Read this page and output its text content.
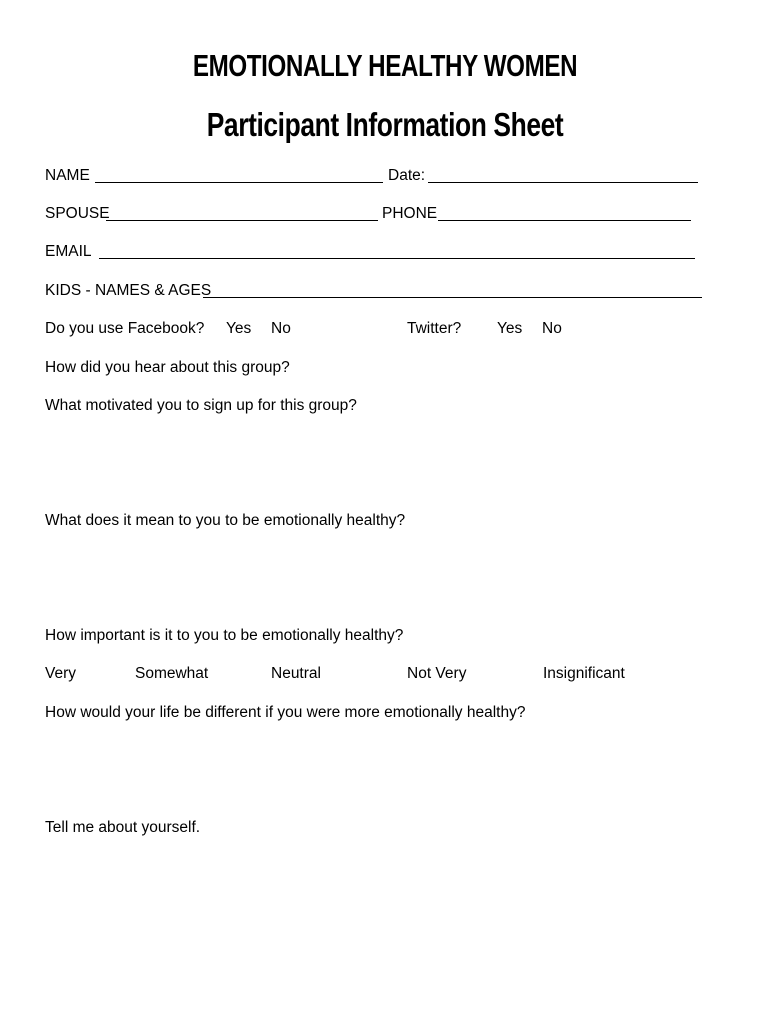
EMOTIONALLY HEALTHY WOMEN
Participant Information Sheet
NAME	Date:
SPOUSE	PHONE
EMAIL
KIDS - NAMES & AGES
Do you use Facebook? Yes No	Twitter? Yes No
How did you hear about this group?
What motivated you to sign up for this group?
What does it mean to you to be emotionally healthy?
How important is it to you to be emotionally healthy?
Very	Somewhat	Neutral	Not Very	Insignificant
How would your life be different if you were more emotionally healthy?
Tell me about yourself.
